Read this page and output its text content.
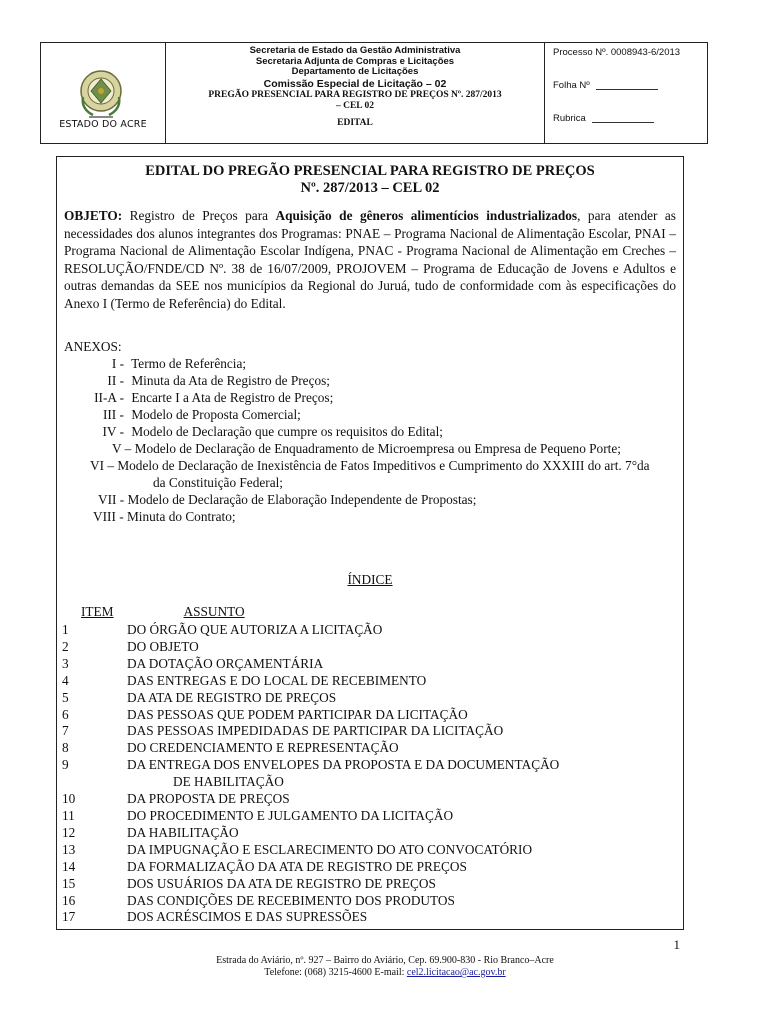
ESTADO DO ACRE
Secretaria de Estado da Gestão Administrativa
Secretaria Adjunta de Compras e Licitações
Departamento de Licitações
Comissão Especial de Licitação – 02
PREGÃO PRESENCIAL PARA REGISTRO DE PREÇOS Nº. 287/2013
– CEL 02
EDITAL
Processo Nº. 0008943-6/2013
Folha Nº
Rubrica
EDITAL DO PREGÃO PRESENCIAL PARA REGISTRO DE PREÇOS
Nº. 287/2013 – CEL 02
OBJETO: Registro de Preços para Aquisição de gêneros alimentícios industrializados, para atender as necessidades dos alunos integrantes dos Programas: PNAE – Programa Nacional de Alimentação Escolar, PNAI – Programa Nacional de Alimentação Escolar Indígena, PNAC - Programa Nacional de Alimentação em Creches – RESOLUÇÃO/FNDE/CD Nº. 38 de 16/07/2009, PROJOVEM – Programa de Educação de Jovens e Adultos e outras demandas da SEE nos municípios da Regional do Juruá, tudo de conformidade com às especificações do Anexo I (Termo de Referência) do Edital.
ANEXOS:
I - Termo de Referência;
II - Minuta da Ata de Registro de Preços;
II-A - Encarte I a Ata de Registro de Preços;
III - Modelo de Proposta Comercial;
IV - Modelo de Declaração que cumpre os requisitos do Edital;
V – Modelo de Declaração de Enquadramento de Microempresa ou Empresa de Pequeno Porte;
VI – Modelo de Declaração de Inexistência de Fatos Impeditivos e Cumprimento do XXXIII do art. 7°da
da Constituição Federal;
VII - Modelo de Declaração de Elaboração Independente de Propostas;
VIII - Minuta do Contrato;
ÍNDICE
ITEM	ASSUNTO
1	DO ÓRGÃO QUE AUTORIZA A LICITAÇÃO
2	DO OBJETO
3	DA DOTAÇÃO ORÇAMENTÁRIA
4	DAS ENTREGAS E DO LOCAL DE RECEBIMENTO
5	DA ATA DE REGISTRO DE PREÇOS
6	DAS PESSOAS QUE PODEM PARTICIPAR DA LICITAÇÃO
7	DAS PESSOAS IMPEDIDADAS DE PARTICIPAR DA LICITAÇÃO
8	DO CREDENCIAMENTO E REPRESENTAÇÃO
9	DA ENTREGA DOS ENVELOPES DA PROPOSTA E DA DOCUMENTAÇÃO
DE HABILITAÇÃO
10	DA PROPOSTA DE PREÇOS
11	DO PROCEDIMENTO E JULGAMENTO DA LICITAÇÃO
12	DA HABILITAÇÃO
13	DA IMPUGNAÇÃO E ESCLARECIMENTO DO ATO CONVOCATÓRIO
14	DA FORMALIZAÇÃO DA ATA DE REGISTRO DE PREÇOS
15	DOS USUÁRIOS DA ATA DE REGISTRO DE PREÇOS
16	DAS CONDIÇÕES DE RECEBIMENTO DOS PRODUTOS
17	DOS ACRÉSCIMOS E DAS SUPRESSÕES
1
Estrada do Aviário, nº. 927 – Bairro do Aviário, Cep. 69.900-830 - Rio Branco–Acre
Telefone: (068) 3215-4600 E-mail: cel2.licitacao@ac.gov.br
